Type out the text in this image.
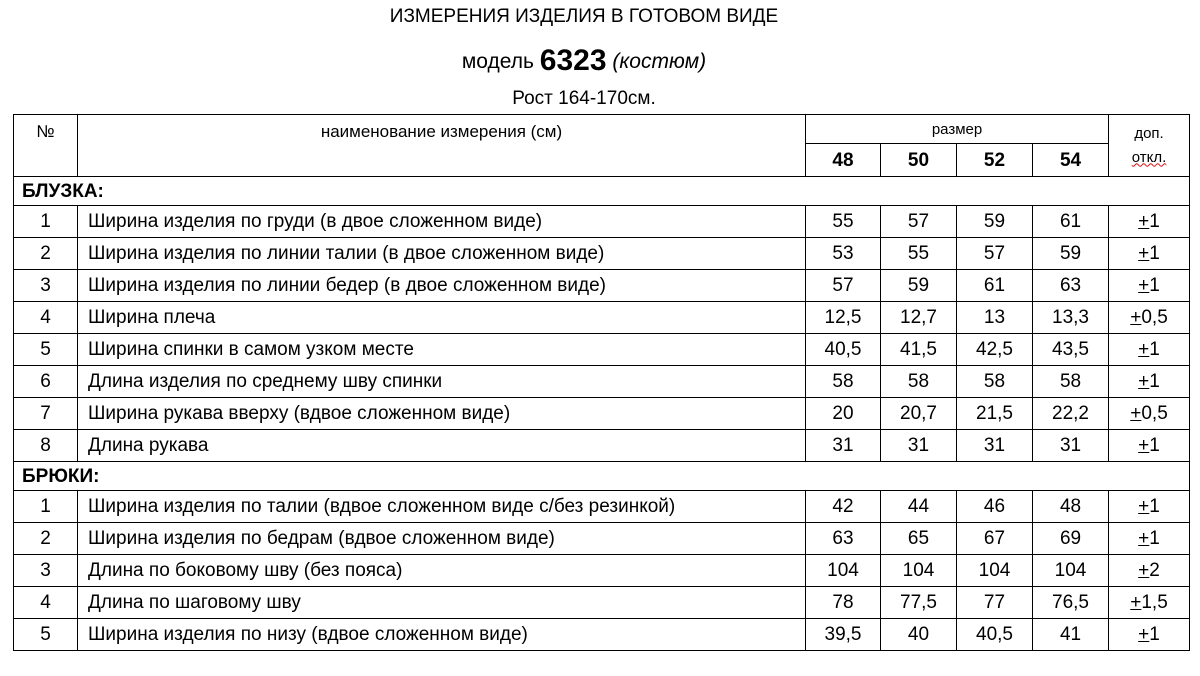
ИЗМЕРЕНИЯ ИЗДЕЛИЯ В ГОТОВОМ ВИДЕ
модель 6323 (костюм)
Рост 164-170см.
№	наименование измерения (см)	размер				доп.
откл.
		48	50	52	54	
БЛУЗКА:						
1	Ширина изделия по груди (в двое сложенном виде)	55	57	59	61	+1
2	Ширина изделия по линии талии (в двое сложенном виде)	53	55	57	59	+1
3	Ширина изделия по линии бедер (в двое сложенном виде)	57	59	61	63	+1
4	Ширина плеча	12,5	12,7	13	13,3	+0,5
5	Ширина спинки в самом узком месте	40,5	41,5	42,5	43,5	+1
6	Длина изделия по среднему шву спинки	58	58	58	58	+1
7	Ширина рукава вверху (вдвое сложенном виде)	20	20,7	21,5	22,2	+0,5
8	Длина рукава	31	31	31	31	+1
БРЮКИ:						
1	Ширина изделия по талии (вдвое сложенном виде с/без резинкой)	42	44	46	48	+1
2	Ширина изделия по бедрам (вдвое сложенном виде)	63	65	67	69	+1
3	Длина по боковому шву (без пояса)	104	104	104	104	+2
4	Длина по шаговому шву	78	77,5	77	76,5	+1,5
5	Ширина изделия по низу (вдвое сложенном виде)	39,5	40	40,5	41	+1
